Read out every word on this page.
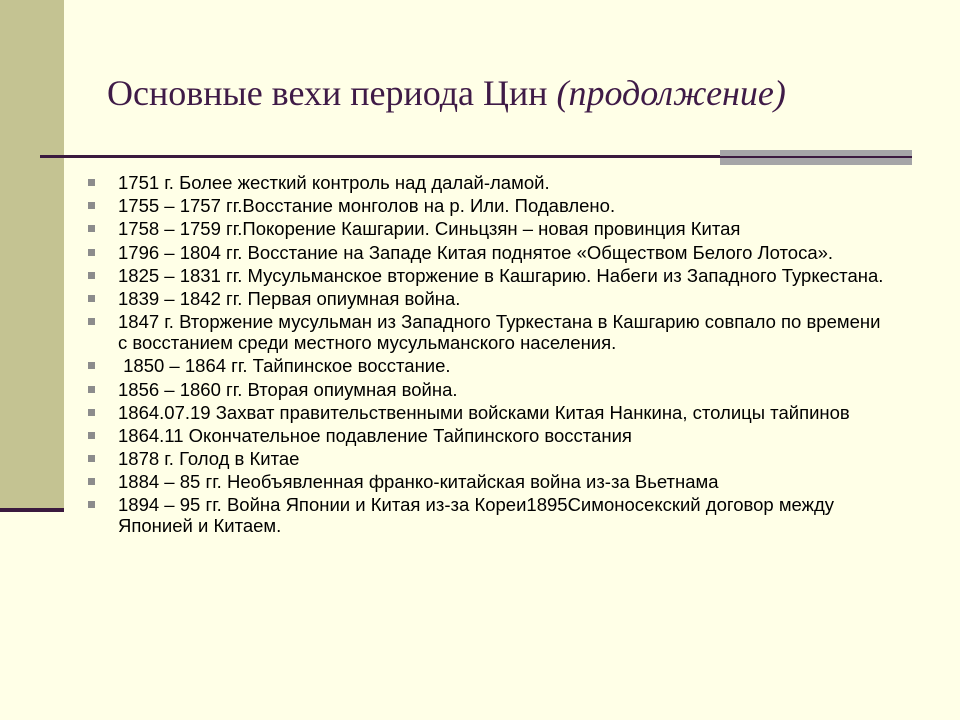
Основные вехи периода Цин (продолжение)
1751 г. Более жесткий контроль над далай-ламой.
1755 – 1757 гг.Восстание монголов на р. Или. Подавлено.
1758 – 1759 гг.Покорение Кашгарии. Синьцзян – новая провинция Китая
1796 – 1804 гг. Восстание на Западе Китая поднятое «Обществом Белого Лотоса».
1825 – 1831 гг. Мусульманское вторжение в Кашгарию. Набеги из Западного Туркестана.
1839 – 1842 гг. Первая опиумная война.
1847 г. Вторжение мусульман из Западного Туркестана в Кашгарию совпало по времени с восстанием среди местного мусульманского населения.
1850 – 1864 гг. Тайпинское восстание.
1856 – 1860 гг. Вторая опиумная война.
1864.07.19 Захват правительственными войсками Китая Нанкина, столицы тайпинов
1864.11 Окончательное подавление Тайпинского восстания
1878 г. Голод в Китае
1884 – 85 гг. Необъявленная франко-китайская война из-за Вьетнама
1894 – 95 гг. Война Японии и Китая из-за Кореи1895Симоносекский договор между Японией и Китаем.
